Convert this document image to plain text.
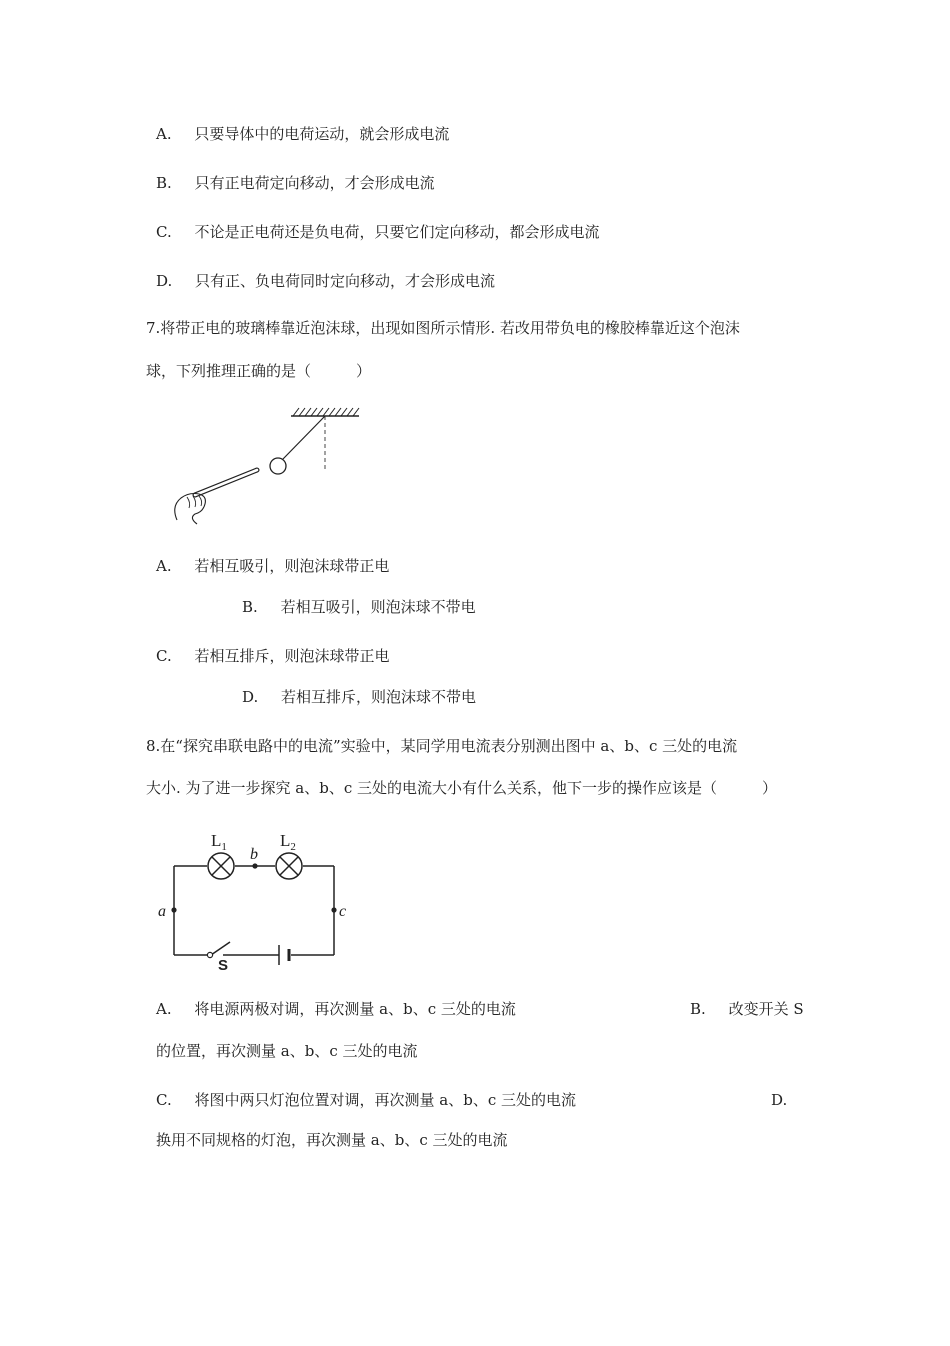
A. 只要导体中的电荷运动，就会形成电流
B. 只有正电荷定向移动，才会形成电流
C. 不论是正电荷还是负电荷，只要它们定向移动，都会形成电流
D. 只有正、负电荷同时定向移动，才会形成电流
7.将带正电的玻璃棒靠近泡沫球，出现如图所示情形. 若改用带负电的橡胶棒靠近这个泡沫
球，下列推理正确的是（　　　）
A. 若相互吸引，则泡沫球带正电
B. 若相互吸引，则泡沫球不带电
C. 若相互排斥，则泡沫球带正电
D. 若相互排斥，则泡沫球不带电
8.在“探究串联电路中的电流”实验中，某同学用电流表分别测出图中 a、b、c 三处的电流
大小. 为了进一步探究 a、b、c 三处的电流大小有什么关系，他下一步的操作应该是（　　　）
$L_1$	$L_2$
b
a	c
S
A. 将电源两极对调，再次测量 a、b、c 三处的电流	B. 改变开关 S
的位置，再次测量 a、b、c 三处的电流
C. 将图中两只灯泡位置对调，再次测量 a、b、c 三处的电流	D.
换用不同规格的灯泡，再次测量 a、b、c 三处的电流
